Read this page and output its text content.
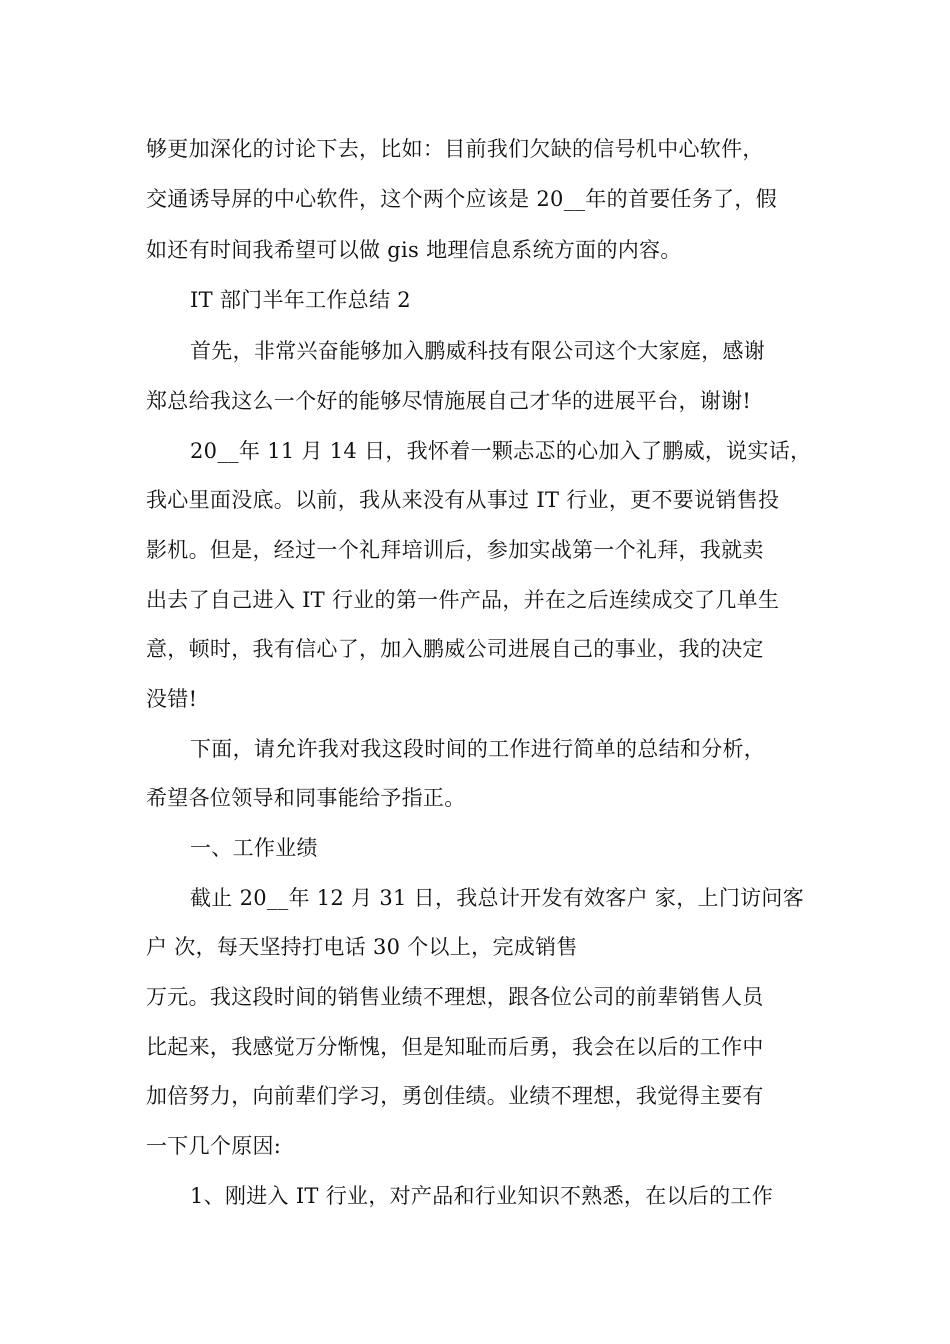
够更加深化的讨论下去，比如：目前我们欠缺的信号机中心软件，
交通诱导屏的中心软件，这个两个应该是 20__年的首要任务了，假
如还有时间我希望可以做 gis 地理信息系统方面的内容。
IT 部门半年工作总结 2
首先，非常兴奋能够加入鹏威科技有限公司这个大家庭，感谢
郑总给我这么一个好的能够尽情施展自己才华的进展平台，谢谢!
20__年 11 月 14 日，我怀着一颗忐忑的心加入了鹏威，说实话，
我心里面没底。以前，我从来没有从事过 IT 行业，更不要说销售投
影机。但是，经过一个礼拜培训后，参加实战第一个礼拜，我就卖
出去了自己进入 IT 行业的第一件产品，并在之后连续成交了几单生
意，顿时，我有信心了，加入鹏威公司进展自己的事业，我的决定
没错!
下面，请允许我对我这段时间的工作进行简单的总结和分析，
希望各位领导和同事能给予指正。
一、工作业绩
截止 20__年 12 月 31 日，我总计开发有效客户 家，上门访问客
户 次，每天坚持打电话 30 个以上，完成销售
万元。我这段时间的销售业绩不理想，跟各位公司的前辈销售人员
比起来，我感觉万分惭愧，但是知耻而后勇，我会在以后的工作中
加倍努力，向前辈们学习，勇创佳绩。业绩不理想，我觉得主要有
一下几个原因:
1、刚进入 IT 行业，对产品和行业知识不熟悉，在以后的工作
